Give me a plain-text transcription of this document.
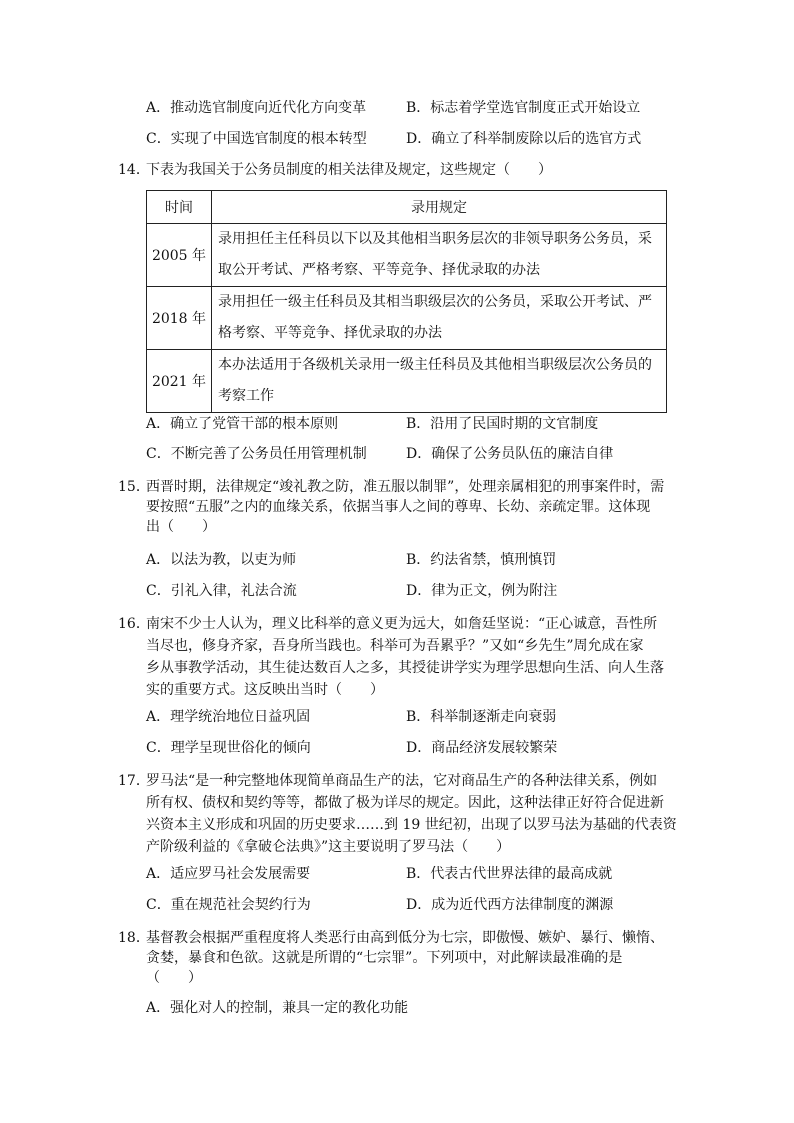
A．推动选官制度向近代化方向变革	B．标志着学堂选官制度正式开始设立
C．实现了中国选官制度的根本转型	D．确立了科举制废除以后的选官方式
14．
下表为我国关于公务员制度的相关法律及规定，这些规定（　　）
时间	录用规定
2005 年	录用担任主任科员以下以及其他相当职务层次的非领导职务公务员，采
取公开考试、严格考察、平等竞争、择优录取的办法

2018 年	录用担任一级主任科员及其相当职级层次的公务员，采取公开考试、严
格考察、平等竞争、择优录取的办法

2021 年	本办法适用于各级机关录用一级主任科员及其他相当职级层次公务员的
考察工作
A．确立了党管干部的根本原则	B．沿用了民国时期的文官制度
C．不断完善了公务员任用管理机制	D．确保了公务员队伍的廉洁自律
15．
西晋时期，法律规定“竣礼教之防，准五服以制罪”，处理亲属相犯的刑事案件时，需
要按照“五服”之内的血缘关系，依据当事人之间的尊卑、长幼、亲疏定罪。这体现
出（　　）
A．以法为教，以吏为师	B．约法省禁，慎刑慎罚
C．引礼入律，礼法合流	D．律为正文，例为附注
16．
南宋不少士人认为，理义比科举的意义更为远大，如詹廷坚说：“正心诚意，吾性所
当尽也，修身齐家，吾身所当践也。科举可为吾累乎？”又如“乡先生”周允成在家
乡从事教学活动，其生徒达数百人之多，其授徒讲学实为理学思想向生活、向人生落
实的重要方式。这反映出当时（　　）
A．理学统治地位日益巩固	B．科举制逐渐走向衰弱
C．理学呈现世俗化的倾向	D．商品经济发展较繁荣
17．
罗马法“是一种完整地体现简单商品生产的法，它对商品生产的各种法律关系，例如
所有权、债权和契约等等，都做了极为详尽的规定。因此，这种法律正好符合促进新
兴资本主义形成和巩固的历史要求……到 19 世纪初，出现了以罗马法为基础的代表资
产阶级利益的《拿破仑法典》”这主要说明了罗马法（　　）
A．适应罗马社会发展需要	B．代表古代世界法律的最高成就
C．重在规范社会契约行为	D．成为近代西方法律制度的渊源
18．
基督教会根据严重程度将人类恶行由高到低分为七宗，即傲慢、嫉妒、暴行、懒惰、
贪婪，暴食和色欲。这就是所谓的“七宗罪”。下列项中，对此解读最准确的是
（　　）
A．强化对人的控制，兼具一定的教化功能
